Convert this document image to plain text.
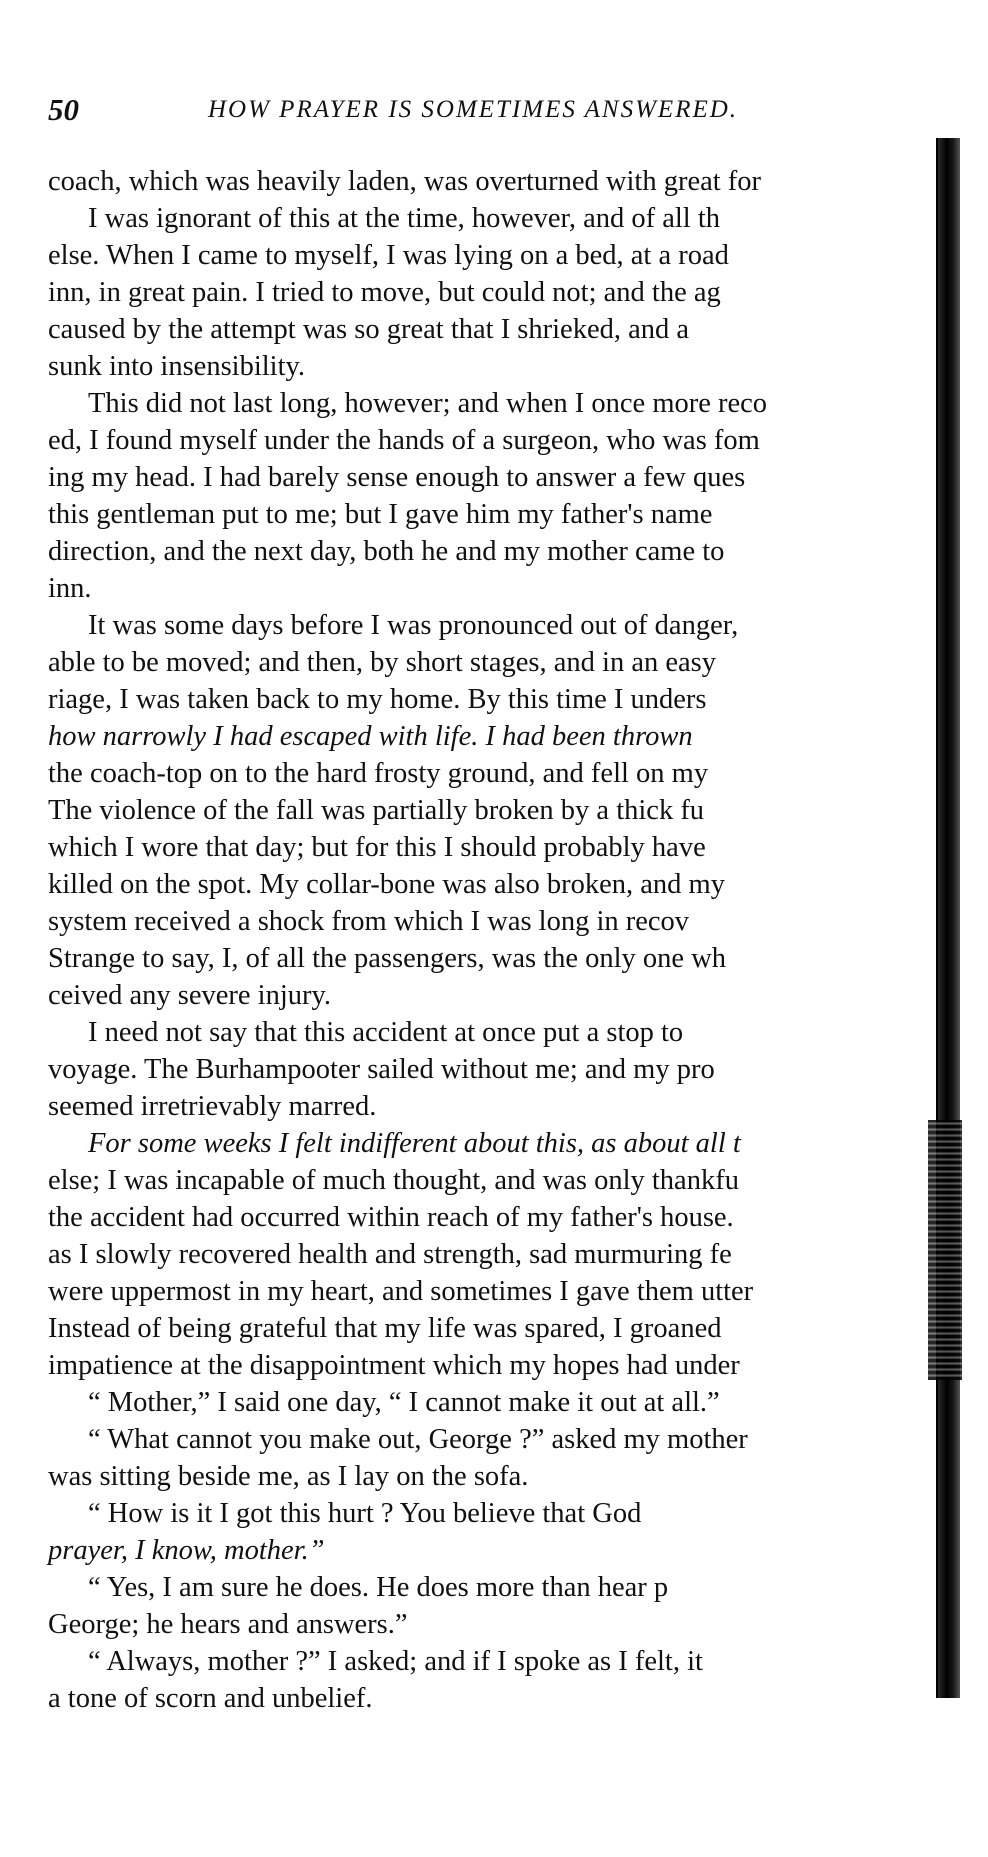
50	HOW PRAYER IS SOMETIMES ANSWERED.
coach, which was heavily laden, was overturned with great for
I was ignorant of this at the time, however, and of all th
else. When I came to myself, I was lying on a bed, at a road
inn, in great pain. I tried to move, but could not; and the ag
caused by the attempt was so great that I shrieked, and a
sunk into insensibility.
This did not last long, however; and when I once more reco
ed, I found myself under the hands of a surgeon, who was fom
ing my head. I had barely sense enough to answer a few ques
this gentleman put to me; but I gave him my father's name
direction, and the next day, both he and my mother came to
inn.
It was some days before I was pronounced out of danger,
able to be moved; and then, by short stages, and in an easy
riage, I was taken back to my home. By this time I unders
how narrowly I had escaped with life. I had been thrown
the coach-top on to the hard frosty ground, and fell on my
The violence of the fall was partially broken by a thick fu
which I wore that day; but for this I should probably have
killed on the spot. My collar-bone was also broken, and my
system received a shock from which I was long in recov
Strange to say, I, of all the passengers, was the only one wh
ceived any severe injury.
I need not say that this accident at once put a stop to
voyage. The Burhampooter sailed without me; and my pro
seemed irretrievably marred.
For some weeks I felt indifferent about this, as about all t
else; I was incapable of much thought, and was only thankfu
the accident had occurred within reach of my father's house.
as I slowly recovered health and strength, sad murmuring fe
were uppermost in my heart, and sometimes I gave them utter
Instead of being grateful that my life was spared, I groaned
impatience at the disappointment which my hopes had under
“ Mother,” I said one day, “ I cannot make it out at all.”
“ What cannot you make out, George ?” asked my mother
was sitting beside me, as I lay on the sofa.
“ How is it I got this hurt ? You believe that God
prayer, I know, mother.”
“ Yes, I am sure he does. He does more than hear p
George; he hears and answers.”
“ Always, mother ?” I asked; and if I spoke as I felt, it
a tone of scorn and unbelief.
